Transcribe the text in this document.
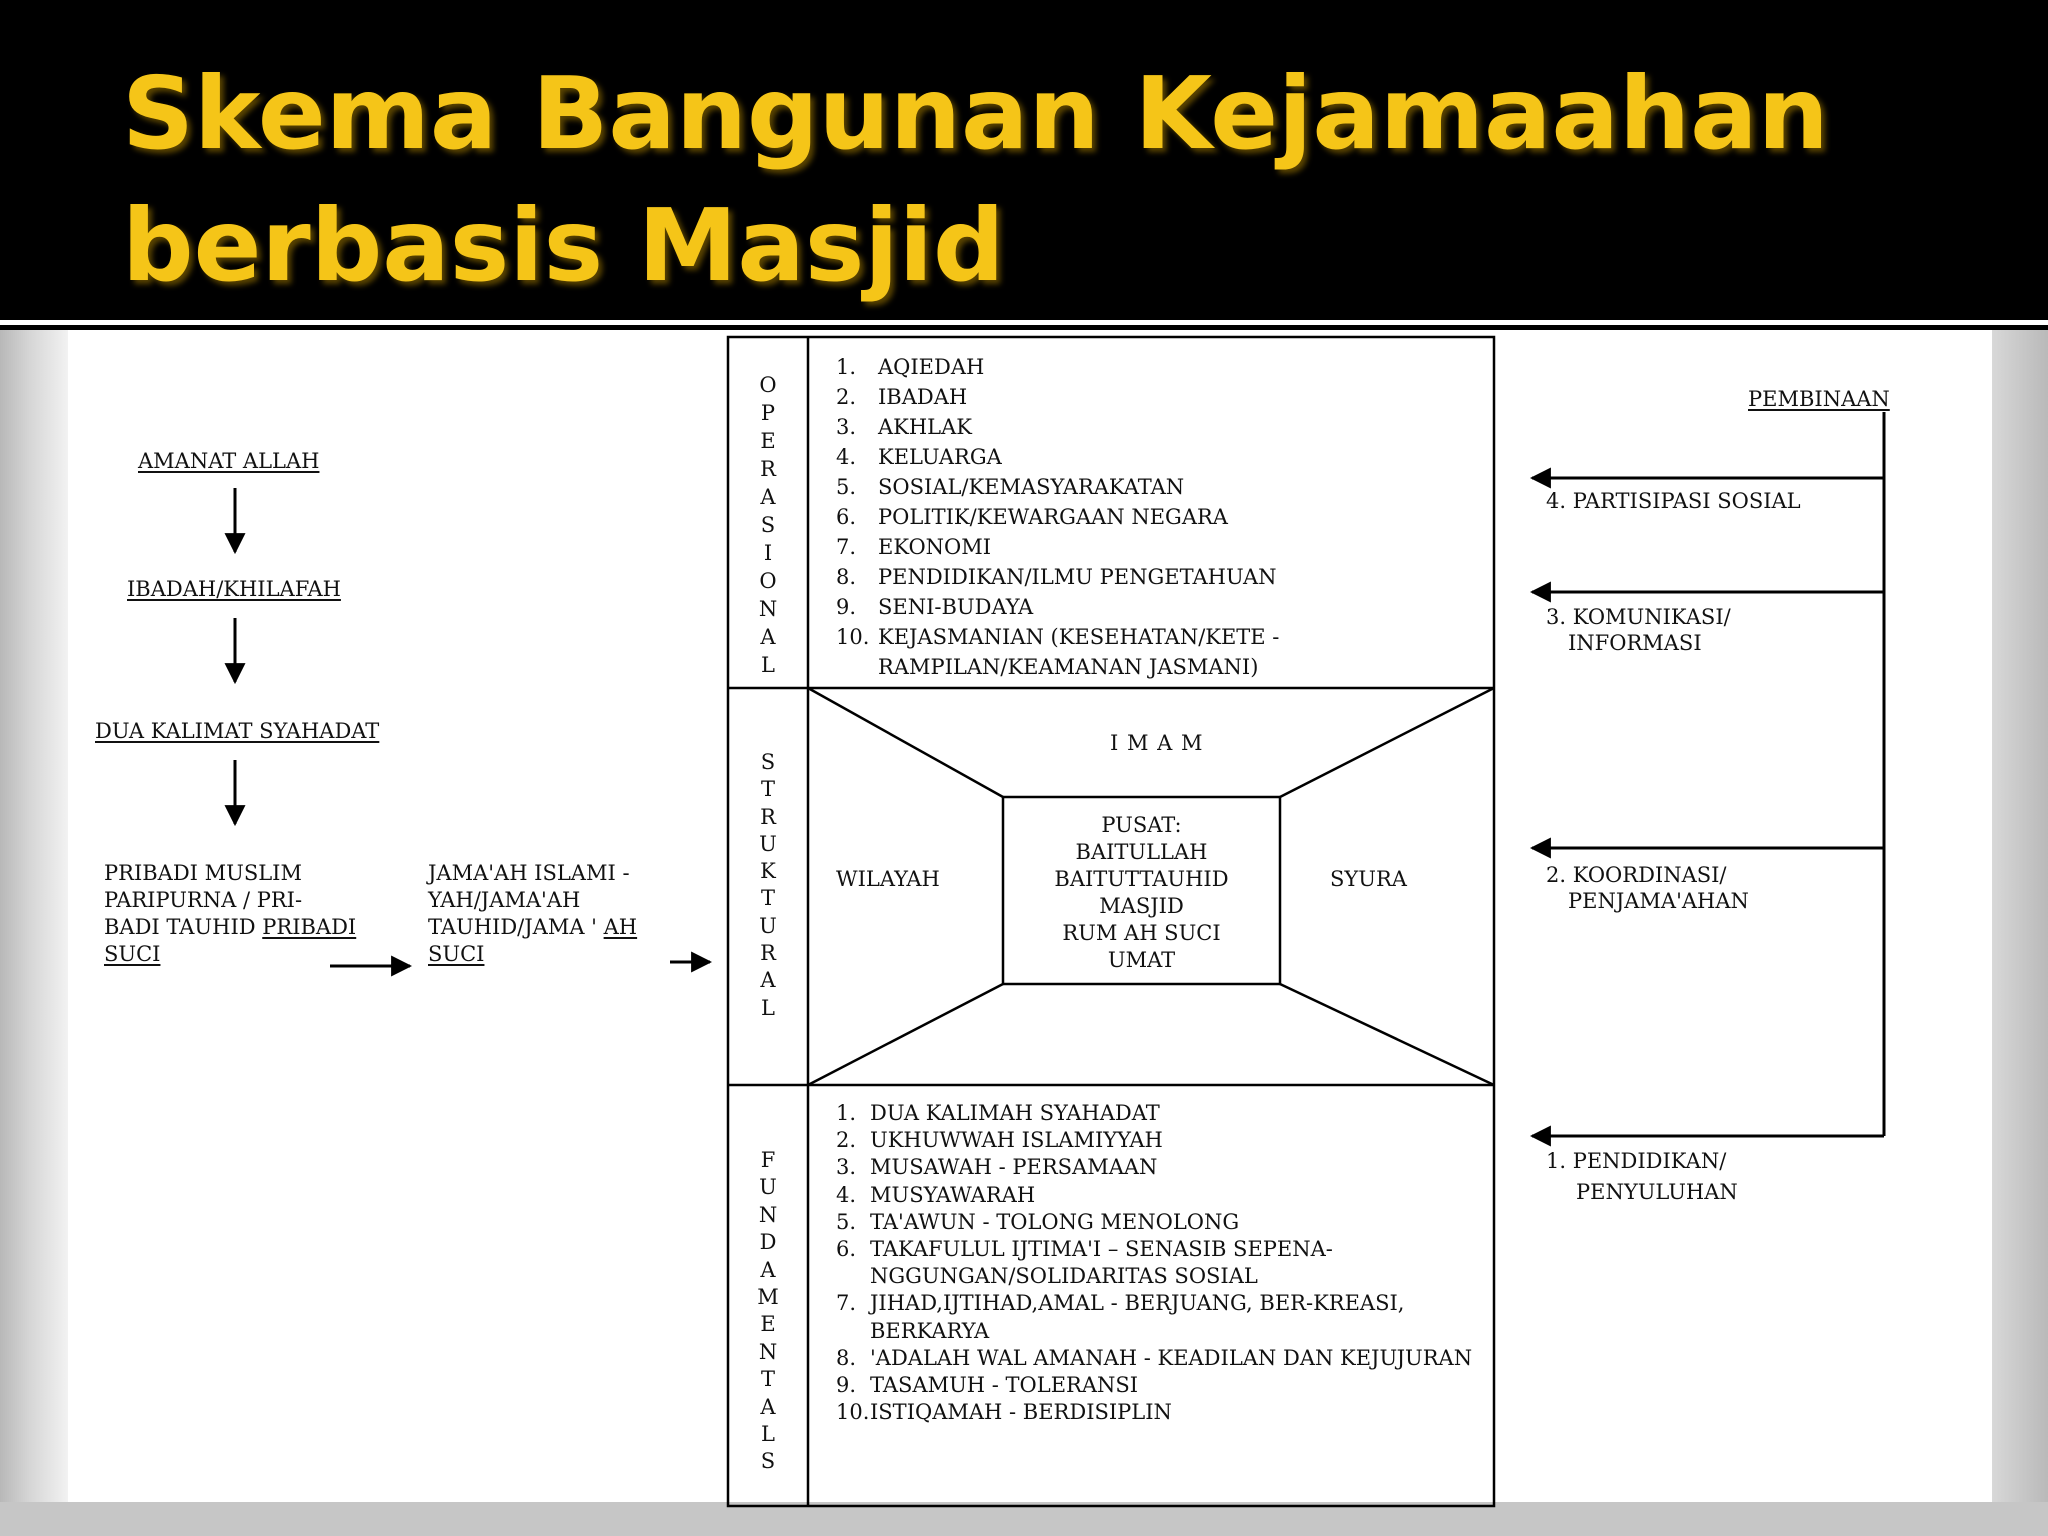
Skema Bangunan Kejamaahan
berbasis Masjid
AMANAT ALLAH
IBADAH/KHILAFAH
DUA KALIMAT SYAHADAT
PRIBADI MUSLIM
PARIPURNA / PRI-
BADI TAUHID PRIBADI
SUCI
JAMA'AH ISLAMI -
YAH/JAMA'AH
TAUHID/JAMA ' AH
SUCI
O
P
E
R
A
S
I
O
N
A
L
S
T
R
U
K
T
U
R
A
L
F
U
N
D
A
M
E
N
T
A
L
S
1.	AQIEDAH
2.	IBADAH
3.	AKHLAK
4.	KELUARGA
5.	SOSIAL/KEMASYARAKATAN
6.	POLITIK/KEWARGAAN NEGARA
7.	EKONOMI
8.	PENDIDIKAN/ILMU PENGETAHUAN
9.	SENI-BUDAYA
10. KEJASMANIAN (KESEHATAN/KETE -
RAMPILAN/KEAMANAN JASMANI)
I M A M
WILAYAH	SYURA
PUSAT:
BAITULLAH
BAITUTTAUHID
MASJID
RUM AH SUCI
UMAT
1. DUA KALIMAH SYAHADAT
2. UKHUWWAH ISLAMIYYAH
3. MUSAWAH - PERSAMAAN
4. MUSYAWARAH
5. TA'AWUN - TOLONG MENOLONG
6. TAKAFULUL IJTIMA'I – SENASIB SEPENA-
NGGUNGAN/SOLIDARITAS SOSIAL
7. JIHAD,IJTIHAD,AMAL - BERJUANG, BER-KREASI,
BERKARYA
8. 'ADALAH WAL AMANAH - KEADILAN DAN KEJUJURAN
9. TASAMUH - TOLERANSI
10. ISTIQAMAH - BERDISIPLIN
PEMBINAAN
4. PARTISIPASI SOSIAL
3. KOMUNIKASI/
INFORMASI
2. KOORDINASI/
PENJAMA'AHAN
1. PENDIDIKAN/
PENYULUHAN
